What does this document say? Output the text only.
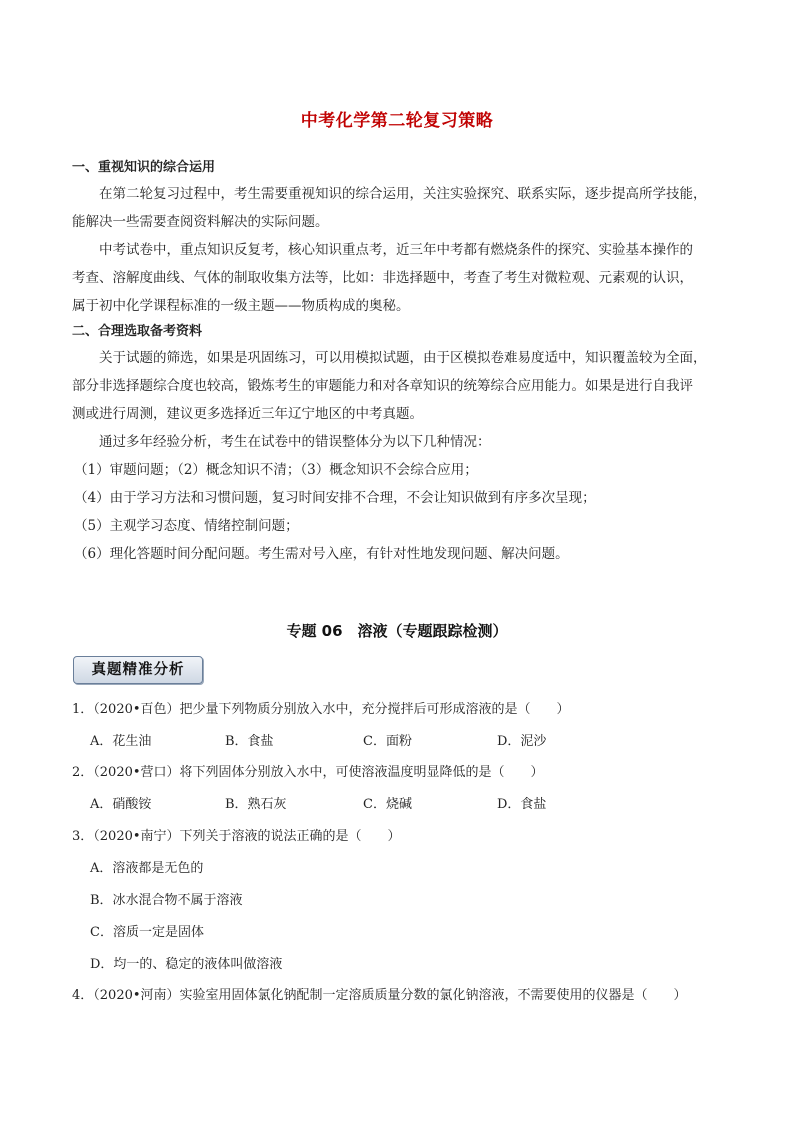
中考化学第二轮复习策略
一、重视知识的综合运用
在第二轮复习过程中，考生需要重视知识的综合运用，关注实验探究、联系实际，逐步提高所学技能，
能解决一些需要查阅资料解决的实际问题。
中考试卷中，重点知识反复考，核心知识重点考，近三年中考都有燃烧条件的探究、实验基本操作的
考查、溶解度曲线、气体的制取收集方法等，比如：非选择题中，考查了考生对微粒观、元素观的认识，
属于初中化学课程标准的一级主题——物质构成的奥秘。
二、合理选取备考资料
关于试题的筛选，如果是巩固练习，可以用模拟试题，由于区模拟卷难易度适中，知识覆盖较为全面，
部分非选择题综合度也较高，锻炼考生的审题能力和对各章知识的统筹综合应用能力。如果是进行自我评
测或进行周测，建议更多选择近三年辽宁地区的中考真题。
通过多年经验分析，考生在试卷中的错误整体分为以下几种情况：
（1）审题问题；（2）概念知识不清；（3）概念知识不会综合应用；
（4）由于学习方法和习惯问题，复习时间安排不合理，不会让知识做到有序多次呈现；
（5）主观学习态度、情绪控制问题；
（6）理化答题时间分配问题。考生需对号入座，有针对性地发现问题、解决问题。
专题 06　溶液（专题跟踪检测）
真题精准分析
1．（2020•百色）把少量下列物质分别放入水中，充分搅拌后可形成溶液的是（　　）
A．花生油	B．食盐	C．面粉	D．泥沙
2．（2020•营口）将下列固体分别放入水中，可使溶液温度明显降低的是（　　）
A．硝酸铵	B．熟石灰	C．烧碱	D．食盐
3．（2020•南宁）下列关于溶液的说法正确的是（　　）
A．溶液都是无色的
B．冰水混合物不属于溶液
C．溶质一定是固体
D．均一的、稳定的液体叫做溶液
4．（2020•河南）实验室用固体氯化钠配制一定溶质质量分数的氯化钠溶液，不需要使用的仪器是（　　）
